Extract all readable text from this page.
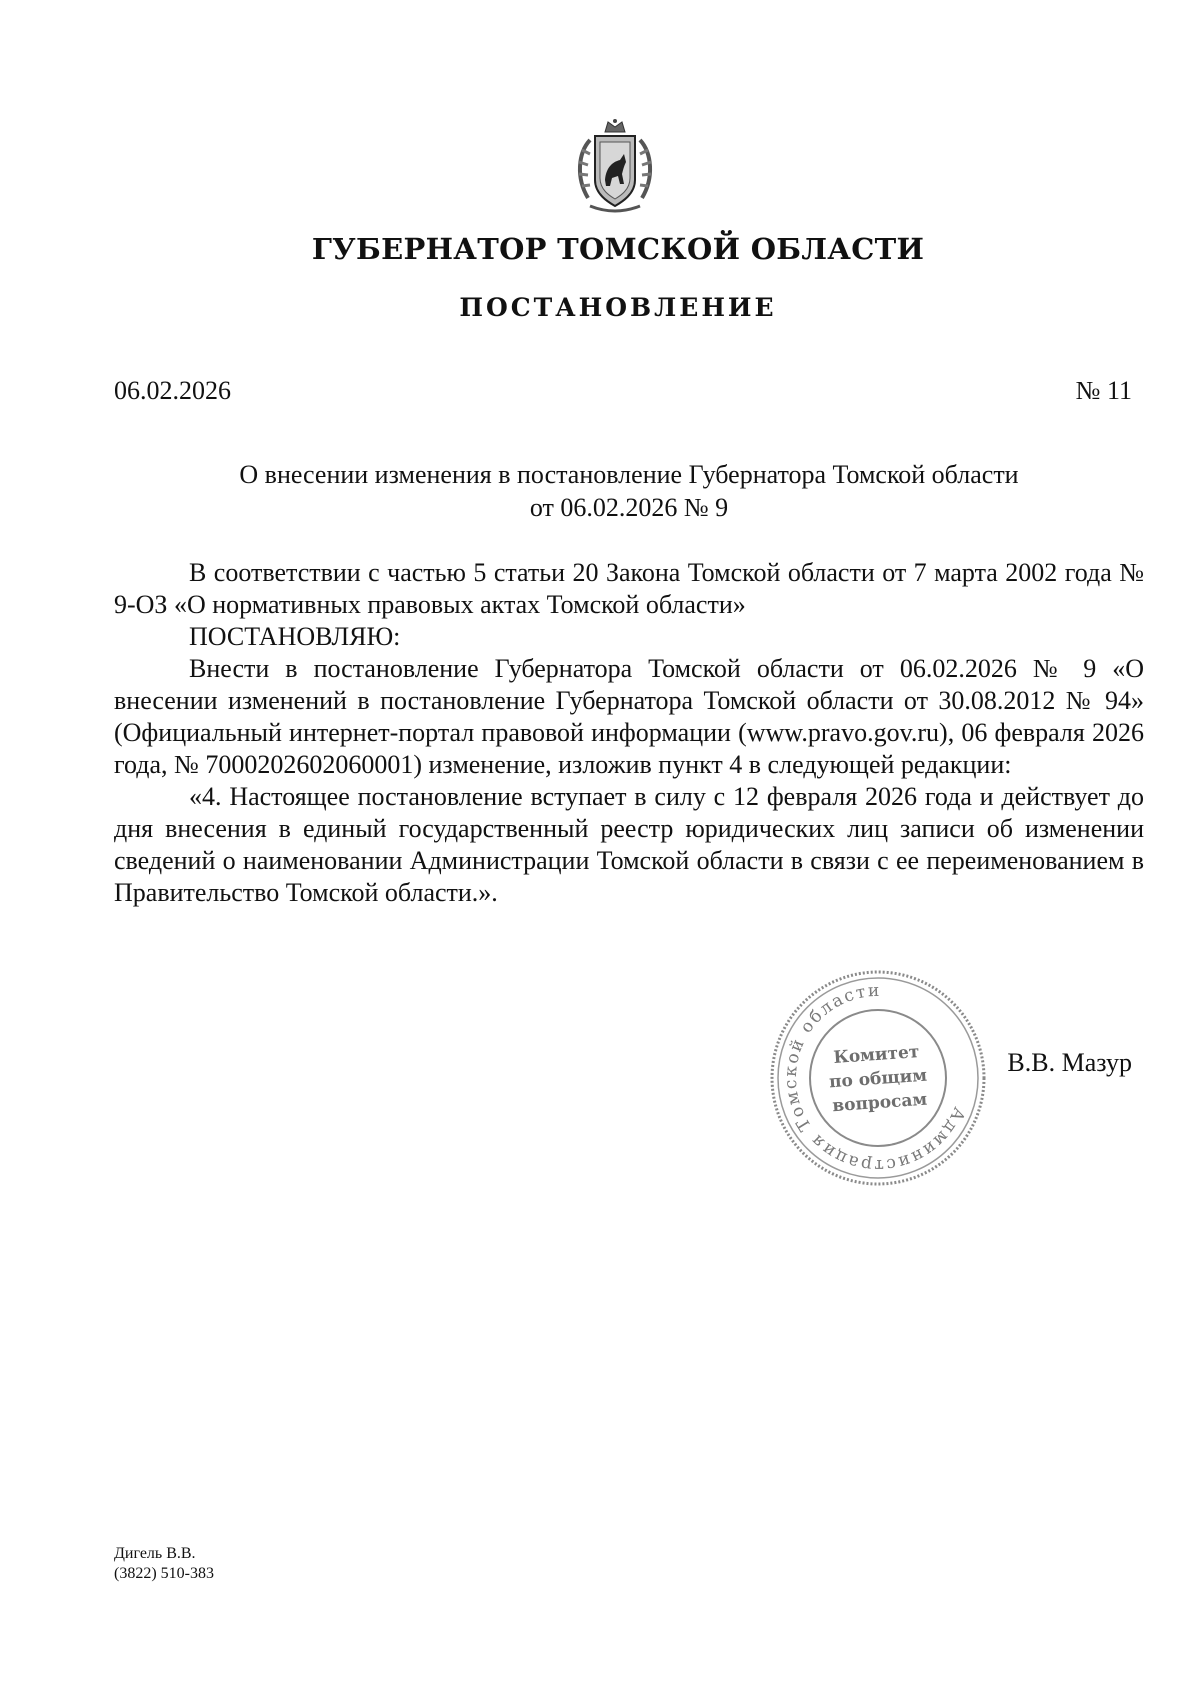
ГУБЕРНАТОР ТОМСКОЙ ОБЛАСТИ
ПОСТАНОВЛЕНИЕ
06.02.2026	№ 11
О внесении изменения в постановление Губернатора Томской области
от 06.02.2026 № 9

В соответствии с частью 5 статьи 20 Закона Томской области от 7 марта 2002 года № 9-ОЗ «О нормативных правовых актах Томской области»

ПОСТАНОВЛЯЮ:

Внести в постановление Губернатора Томской области от 06.02.2026 № 9 «О внесении изменений в постановление Губернатора Томской области от 30.08.2012 № 94» (Официальный интернет-портал правовой информации (www.pravo.gov.ru), 06 февраля 2026 года, № 7000202602060001) изменение, изложив пункт 4 в следующей редакции:

«4. Настоящее постановление вступает в силу с 12 февраля 2026 года и действует до дня внесения в единый государственный реестр юридических лиц записи об изменении сведений о наименовании Администрации Томской области в связи с ее переименованием в Правительство Томской области.».

Администрация Томской области
Комитет
по общим
вопросам
В.В. Мазур
Дигель В.В.
(3822) 510-383
